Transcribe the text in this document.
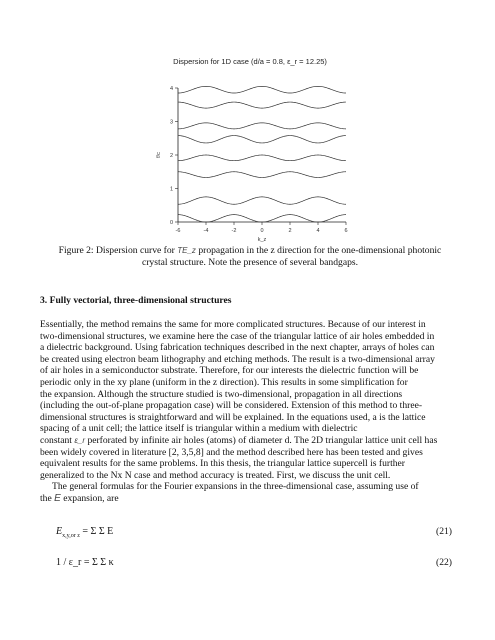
Dispersion for 1D case (d/a = 0.8, ε_r = 12.25)
-6	-4	-2	0	2	4	6
0
1
2
3
4
k_z
f/c
Figure 2: Dispersion curve for TE_z propagation in the z direction for the one-dimensional photonic
crystal structure. Note the presence of several bandgaps.
3. Fully vectorial, three-dimensional structures
Essentially, the method remains the same for more complicated structures. Because of our interest in
two-dimensional structures, we examine here the case of the triangular lattice of air holes embedded in
a dielectric background. Using fabrication techniques described in the next chapter, arrays of holes can
be created using electron beam lithography and etching methods. The result is a two-dimensional array
of air holes in a semiconductor substrate. Therefore, for our interests the dielectric function will be
periodic only in the xy plane (uniform in the z direction). This results in some simplification for
the expansion. Although the structure studied is two-dimensional, propagation in all directions
(including the out-of-plane propagation case) will be considered. Extension of this method to three-
dimensional structures is straightforward and will be explained. In the equations used, a is the lattice
spacing of a unit cell; the lattice itself is triangular within a medium with dielectric
constant ε_r perforated by infinite air holes (atoms) of diameter d. The 2D triangular lattice unit cell has
been widely covered in literature [2, 3,5,8] and the method described here has been tested and gives
equivalent results for the same problems. In this thesis, the triangular lattice supercell is further
generalized to the Nx N case and method accuracy is treated. First, we discuss the unit cell.
The general formulas for the Fourier expansions in the three-dimensional case, assuming use of
the E expansion, are
$E_{x,y,or z} = \Sigma$ Σ E	(21)
1 / ε_r = Σ Σ κ	(22)
